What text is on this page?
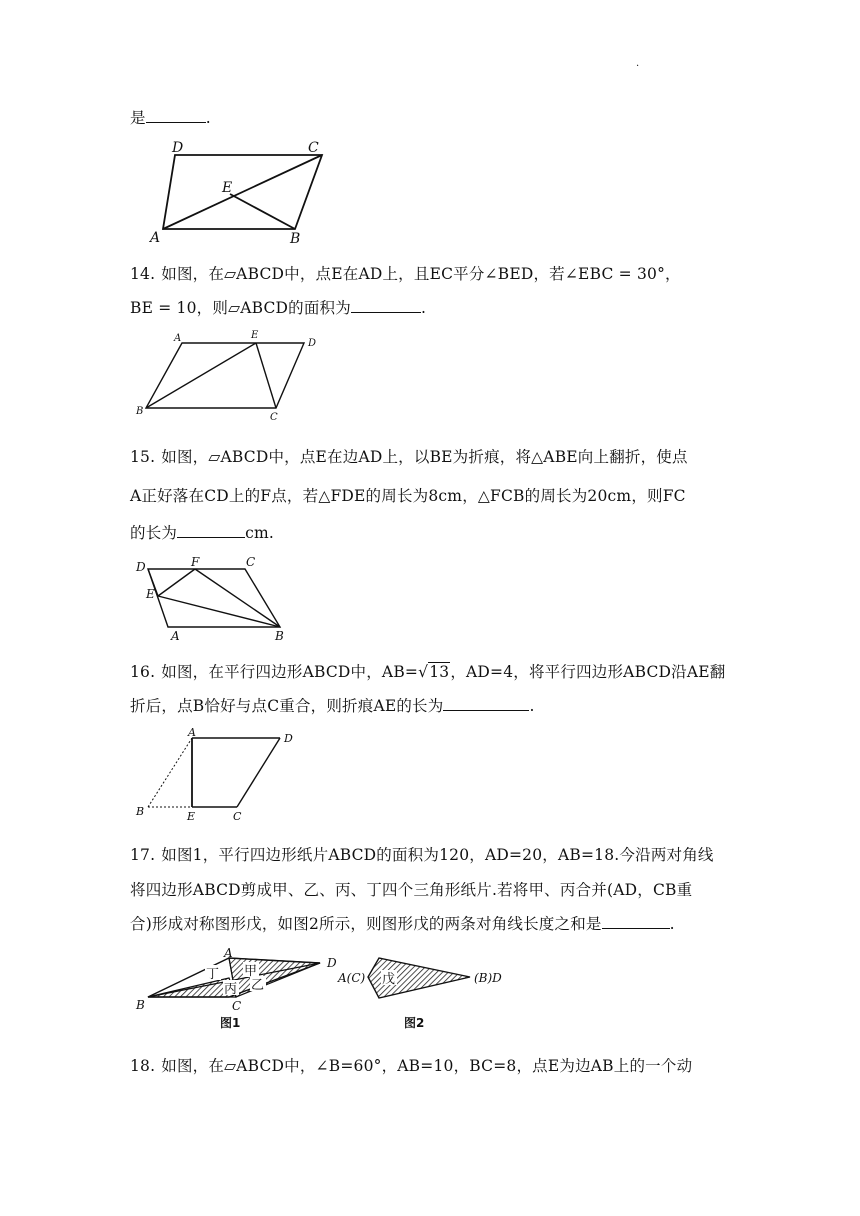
.
是	.
D	C
E
A	B
14. 如图，在▱ABCD中，点E在AD上，且EC平分∠BED，若∠EBC = 30°，
BE = 10，则▱ABCD的面积为	.
A	E
D
B
C
15. 如图，▱ABCD中，点E在边AD上，以BE为折痕，将△ABE向上翻折，使点
A正好落在CD上的F点，若△FDE的周长为8cm，△FCB的周长为20cm，则FC
的长为	cm.
D	F	C
E
A	B
16. 如图，在平行四边形ABCD中，AB=√13，AD=4，将平行四边形ABCD沿AE翻
折后，点B恰好与点C重合，则折痕AE的长为	.
A	D
B	E	C
17. 如图1，平行四边形纸片ABCD的面积为120，AD=20，AB=18.今沿两对角线
将四边形ABCD剪成甲、乙、丙、丁四个三角形纸片.若将甲、丙合并(AD，CB重
合)形成对称图形戊，如图2所示，则图形戊的两条对角线长度之和是	.
A
D
B	C
甲
丁
丙 乙
图1
A(C)	(B)D
戊
图2
18. 如图，在▱ABCD中，∠B=60°，AB=10，BC=8，点E为边AB上的一个动
